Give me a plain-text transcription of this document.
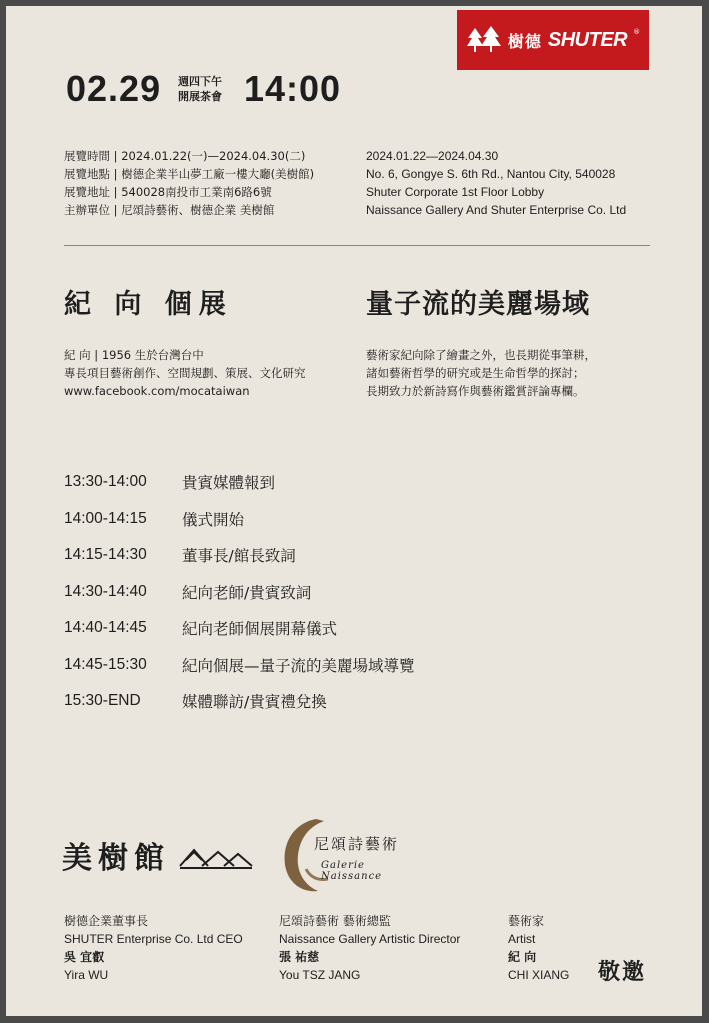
樹德 SHUTER ®
02.29 週四下午
開展茶會 14:00
展覽時間 | 2024.01.22(一)—2024.04.30(二)
展覽地點 | 樹德企業半山夢工廠一樓大廳(美樹館)
展覽地址 | 540028南投市工業南6路6號
主辦單位 | 尼頌詩藝術、樹德企業 美樹館
2024.01.22—2024.04.30
No. 6, Gongye S. 6th Rd., Nantou City, 540028
Shuter Corporate 1st Floor Lobby
Naissance Gallery And Shuter Enterprise Co. Ltd
紀 向 個展	量子流的美麗場域
紀 向 | 1956 生於台灣台中
專長項目藝術創作、空間規劃、策展、文化研究
www.facebook.com/mocataiwan
藝術家紀向除了繪畫之外，也長期從事筆耕，
諸如藝術哲學的研究或是生命哲學的探討；
長期致力於新詩寫作與藝術鑑賞評論專欄。
13:30-14:00	貴賓媒體報到
14:00-14:15	儀式開始
14:15-14:30	董事長/館長致詞
14:30-14:40	紀向老師/貴賓致詞
14:40-14:45	紀向老師個展開幕儀式
14:45-15:30	紀向個展—量子流的美麗場域導覽
15:30-END	媒體聯訪/貴賓禮兌換
美樹館	尼頌詩藝術
Galerie Naissance
樹德企業董事長
SHUTER Enterprise Co. Ltd CEO
吳 宜叡
Yira WU
尼頌詩藝術 藝術總監
Naissance Gallery Artistic Director
張 祐慈
You TSZ JANG
藝術家
Artist
紀 向
CHI XIANG 敬邀
